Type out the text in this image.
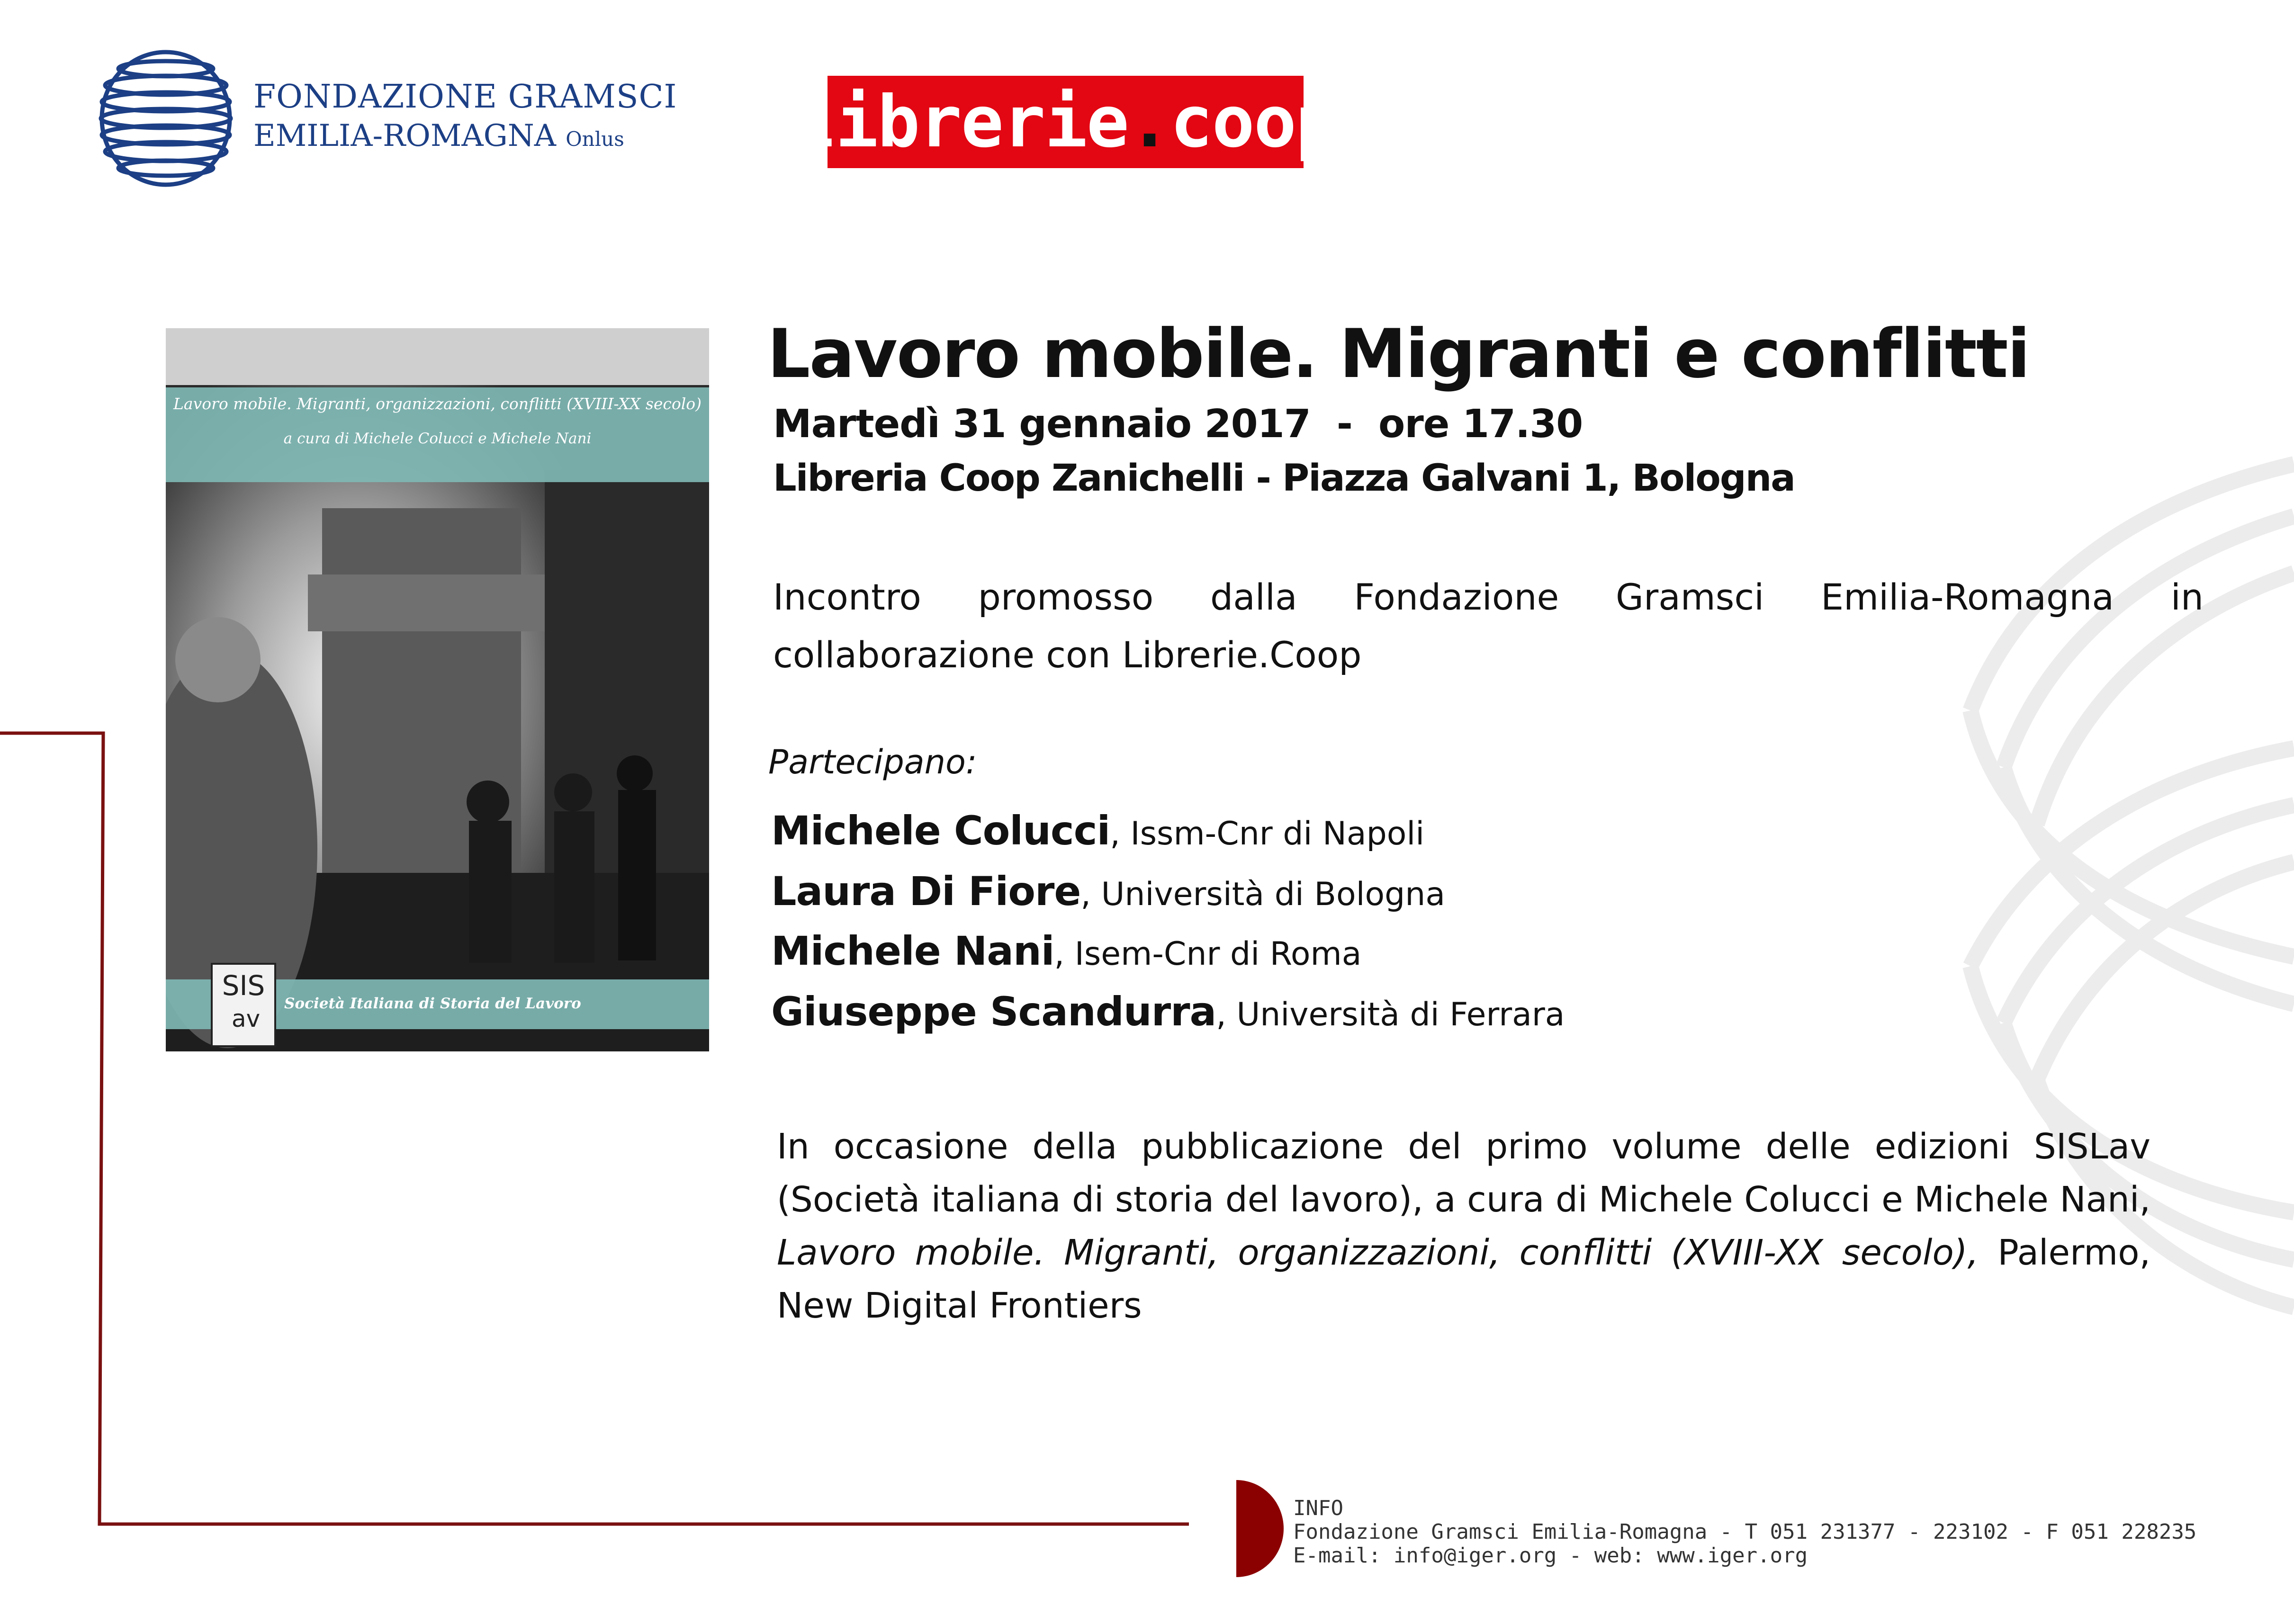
FONDAZIONE GRAMSCI
EMILIA-ROMAGNA Onlus librerie.coop
Lavoro mobile. Migranti, organizzazioni, conflitti (XVIII-XX secolo)
a cura di Michele Colucci e Michele Nani
SIS
av
Società Italiana di Storia del Lavoro
Lavoro mobile. Migranti e conflitti
Martedì 31 gennaio 2017  -  ore 17.30
Libreria Coop Zanichelli - Piazza Galvani 1, Bologna
Incontro promosso dalla Fondazione Gramsci Emilia-Romagna in collaborazione con Librerie.Coop
Partecipano:
Michele Colucci, Issm-Cnr di Napoli
Laura Di Fiore, Università di Bologna
Michele Nani, Isem-Cnr di Roma
Giuseppe Scandurra, Università di Ferrara
In occasione della pubblicazione del primo volume delle edizioni SISLav (Società italiana di storia del lavoro), a cura di Michele Colucci e Michele Nani, Lavoro mobile. Migranti, organizzazioni, conflitti (XVIII-XX secolo), Palermo, New Digital Frontiers
INFO
Fondazione Gramsci Emilia-Romagna - T 051 231377 - 223102 - F 051 228235
E-mail: info@iger.org - web: www.iger.org
